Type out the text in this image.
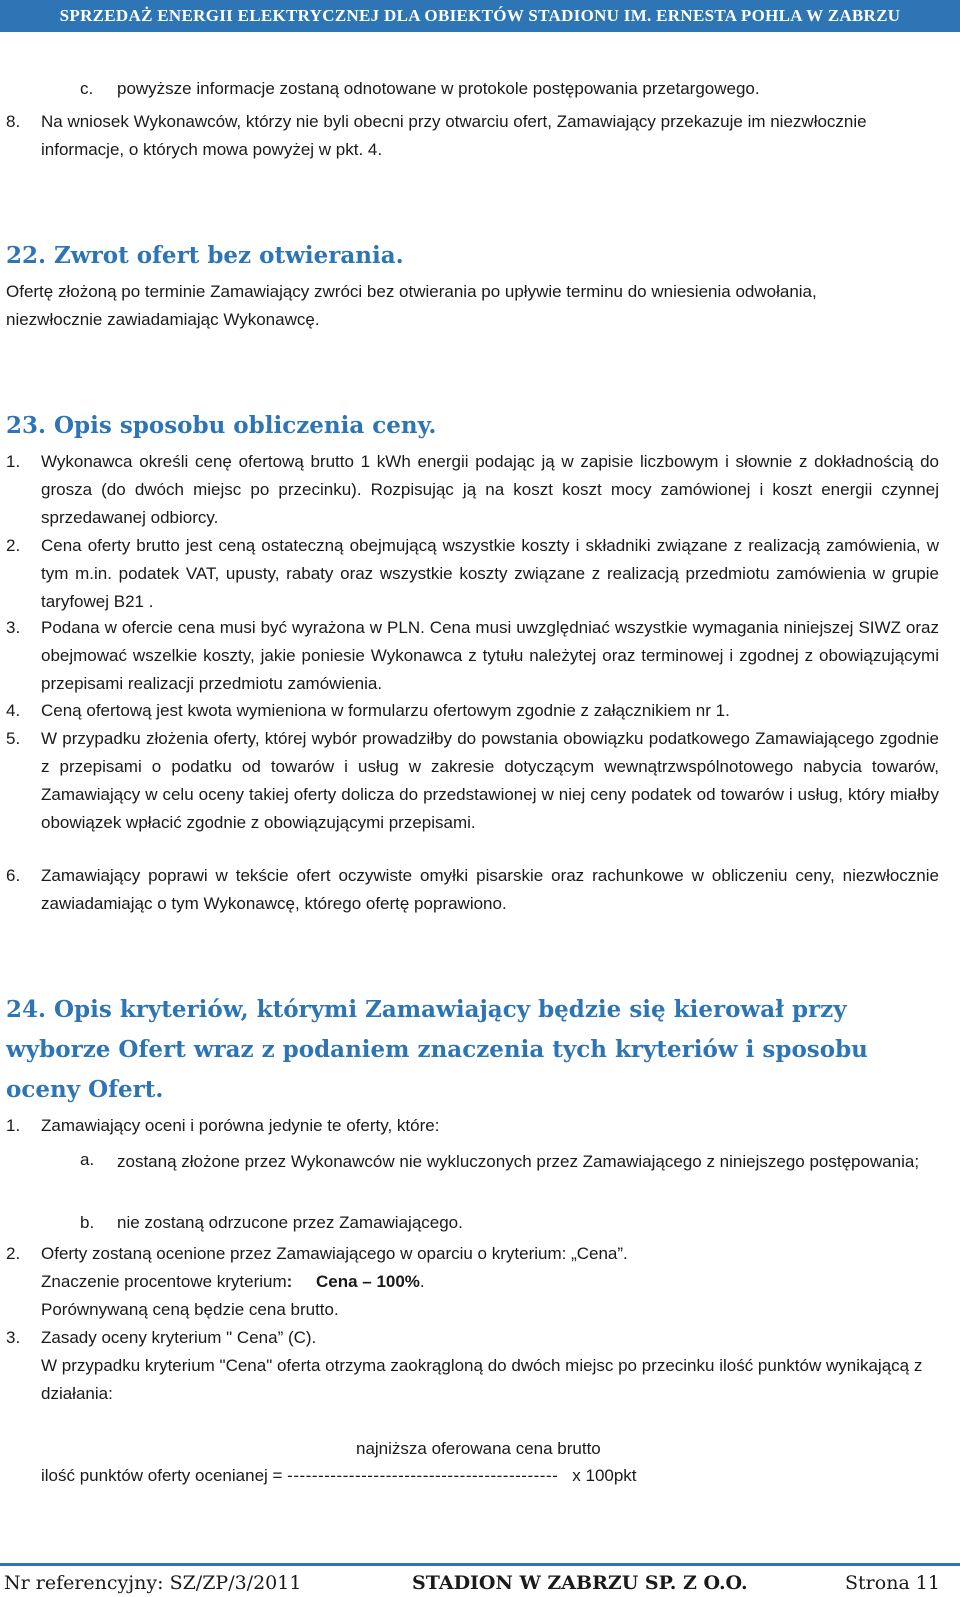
SPRZEDAŻ ENERGII ELEKTRYCZNEJ DLA OBIEKTÓW STADIONU IM. ERNESTA POHLA W ZABRZU
c. powyższe informacje zostaną odnotowane w protokole postępowania przetargowego.

8. Na wniosek Wykonawców, którzy nie byli obecni przy otwarciu ofert, Zamawiający przekazuje im niezwłocznie informacje, o których mowa powyżej w pkt. 4.

22. Zwrot ofert bez otwierania.

Ofertę złożoną po terminie Zamawiający zwróci bez otwierania po upływie terminu do wniesienia odwołania, niezwłocznie zawiadamiając Wykonawcę.

23. Opis sposobu obliczenia ceny.
1. Wykonawca określi cenę ofertową brutto 1 kWh energii podając ją w zapisie liczbowym i słownie z dokładnością do grosza (do dwóch miejsc po przecinku). Rozpisując ją na koszt koszt mocy zamówionej i koszt energii czynnej sprzedawanej odbiorcy.

2. Cena oferty brutto jest ceną ostateczną obejmującą wszystkie koszty i składniki związane z realizacją zamówienia, w tym m.in. podatek VAT, upusty, rabaty oraz wszystkie koszty związane z realizacją przedmiotu zamówienia w grupie taryfowej B21 .

3. Podana w ofercie cena musi być wyrażona w PLN. Cena musi uwzględniać wszystkie wymagania niniejszej SIWZ oraz obejmować wszelkie koszty, jakie poniesie Wykonawca z tytułu należytej oraz terminowej i zgodnej z obowiązującymi przepisami realizacji przedmiotu zamówienia.

4. Ceną ofertową jest kwota wymieniona w formularzu ofertowym zgodnie z załącznikiem nr 1.

5. W przypadku złożenia oferty, której wybór prowadziłby do powstania obowiązku podatkowego Zamawiającego zgodnie z przepisami o podatku od towarów i usług w zakresie dotyczącym wewnątrzwspólnotowego nabycia towarów, Zamawiający w celu oceny takiej oferty dolicza do przedstawionej w niej ceny podatek od towarów i usług, który miałby obowiązek wpłacić zgodnie z obowiązującymi przepisami.

6. Zamawiający poprawi w tekście ofert oczywiste omyłki pisarskie oraz rachunkowe w obliczeniu ceny, niezwłocznie zawiadamiając o tym Wykonawcę, którego ofertę poprawiono.

24. Opis kryteriów, którymi Zamawiający będzie się kierował przy wyborze Ofert wraz z podaniem znaczenia tych kryteriów i sposobu oceny Ofert.
1. Zamawiający oceni i porówna jedynie te oferty, które:

a. zostaną złożone przez Wykonawców nie wykluczonych przez Zamawiającego z niniejszego postępowania;

b. nie zostaną odrzucone przez Zamawiającego.

2. Oferty zostaną ocenione przez Zamawiającego w oparciu o kryterium: „Cena”.

Znaczenie procentowe kryterium: Cena – 100%.

Porównywaną ceną będzie cena brutto.

3. Zasady oceny kryterium " Cena” (C).

W przypadku kryterium "Cena" oferta otrzyma zaokrągloną do dwóch miejsc po przecinku ilość punktów wynikającą z działania:

najniższa oferowana cena brutto

ilość punktów oferty ocenianej = -------------------------------------------- x 100pkt

Nr referencyjny: SZ/ZP/3/2011	STADION W ZABRZU SP. Z O.O.	Strona 11
